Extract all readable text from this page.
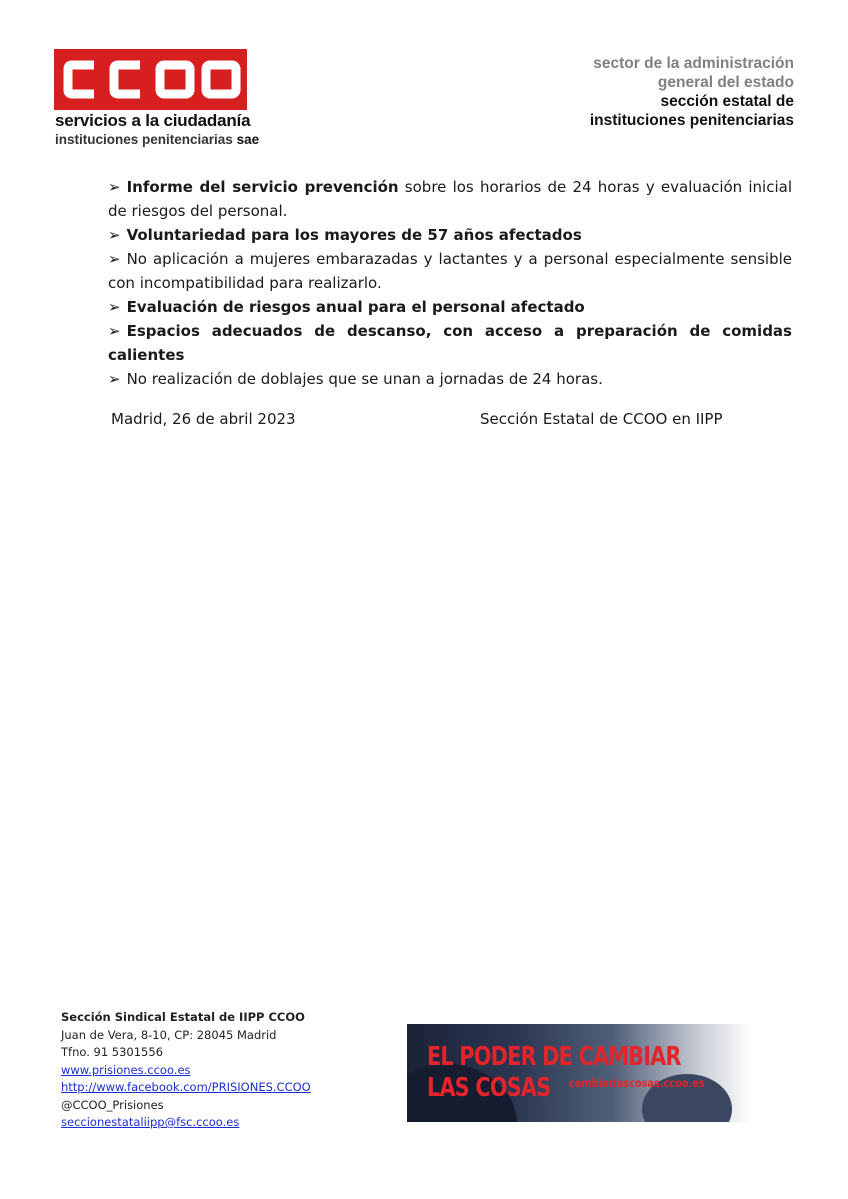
servicios a la ciudadanía
instituciones penitenciarias sae
sector de la administración
general del estado
sección estatal de
instituciones penitenciarias

➢ Informe del servicio prevención sobre los horarios de 24 horas y evaluación inicial de riesgos del personal.

➢ Voluntariedad para los mayores de 57 años afectados

➢ No aplicación a mujeres embarazadas y lactantes y a personal especialmente sensible con incompatibilidad para realizarlo.

➢ Evaluación de riesgos anual para el personal afectado

➢ Espacios adecuados de descanso, con acceso a preparación de comidas calientes

➢ No realización de doblajes que se unan a jornadas de 24 horas.

Madrid, 26 de abril 2023	Sección Estatal de CCOO en IIPP
Sección Sindical Estatal de IIPP CCOO
Juan de Vera, 8-10, CP: 28045 Madrid
Tfno. 91 5301556
www.prisiones.ccoo.es
http://www.facebook.com/PRISIONES.CCOO
@CCOO_Prisiones
seccionestataliipp@fsc.ccoo.es
EL PODER DE CAMBIAR
LAS COSAS cambiarlascosas.ccoo.es
